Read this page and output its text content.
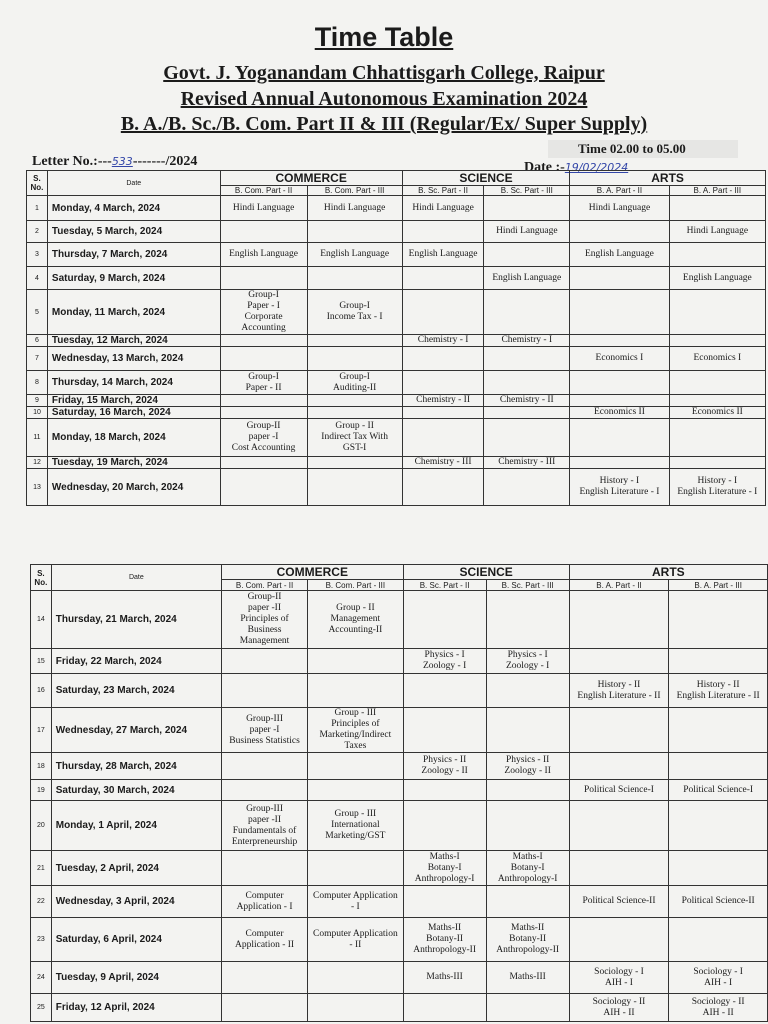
Time Table
Govt. J. Yoganandam Chhattisgarh College, Raipur
Revised Annual Autonomous Examination 2024
B. A./B. Sc./B. Com. Part II & III (Regular/Ex/ Super Supply)
Time 02.00 to 05.00
Letter No.:---533-------/2024	Date :-19/02/2024
S. No.	Date	COMMERCE		SCIENCE		ARTS	
		B. Com. Part - II	B. Com. Part - III	B. Sc. Part - II	B. Sc. Part - III	B. A. Part - II	B. A. Part - III
1	Monday, 4 March, 2024	Hindi Language	Hindi Language	Hindi Language		Hindi Language	
2	Tuesday, 5 March, 2024				Hindi Language		Hindi Language
3	Thursday, 7 March, 2024	English Language	English Language	English Language		English Language	
4	Saturday, 9 March, 2024				English Language		English Language
5	Monday, 11 March, 2024	Group-I
Paper - I
Corporate
Accounting	Group-I
Income Tax - I				
6	Tuesday, 12 March, 2024			Chemistry - I	Chemistry - I		
7	Wednesday, 13 March, 2024					Economics I	Economics I
8	Thursday, 14 March, 2024	Group-I
Paper - II	Group-I
Auditing-II				
9	Friday, 15 March, 2024			Chemistry - II	Chemistry - II		
10	Saturday, 16 March, 2024					Economics II	Economics II
11	Monday, 18 March, 2024	Group-II
paper -I
Cost Accounting	Group - II
Indirect Tax With
GST-I				
12	Tuesday, 19 March, 2024			Chemistry - III	Chemistry - III		
13	Wednesday, 20 March, 2024					History - I
English Literature - I	History - I
English Literature - I
S. No.	Date	COMMERCE		SCIENCE		ARTS	
		B. Com. Part - II	B. Com. Part - III	B. Sc. Part - II	B. Sc. Part - III	B. A. Part - II	B. A. Part - III
14	Thursday, 21 March, 2024	Group-II
paper -II
Principles of
Business
Management	Group - II
Management
Accounting-II				
15	Friday, 22 March, 2024			Physics - I
Zoology - I	Physics - I
Zoology - I		
16	Saturday, 23 March, 2024					History - II
English Literature - II	History - II
English Literature - II
17	Wednesday, 27 March, 2024	Group-III
paper -I
Business Statistics	Group - III
Principles of
Marketing/Indirect
Taxes				
18	Thursday, 28 March, 2024			Physics - II
Zoology - II	Physics - II
Zoology - II		
19	Saturday, 30 March, 2024					Political Science-I	Political Science-I
20	Monday, 1 April, 2024	Group-III
paper -II
Fundamentals of
Enterpreneurship	Group - III
International
Marketing/GST				
21	Tuesday, 2 April, 2024			Maths-I
Botany-I
Anthropology-I	Maths-I
Botany-I
Anthropology-I		
22	Wednesday, 3 April, 2024	Computer
Application - I	Computer Application
- I			Political Science-II	Political Science-II
23	Saturday, 6 April, 2024	Computer
Application - II	Computer Application
- II	Maths-II
Botany-II
Anthropology-II	Maths-II
Botany-II
Anthropology-II		
24	Tuesday, 9 April, 2024			Maths-III	Maths-III	Sociology - I
AIH - I	Sociology - I
AIH - I
25	Friday, 12 April, 2024					Sociology - II
AIH - II	Sociology - II
AIH - II
